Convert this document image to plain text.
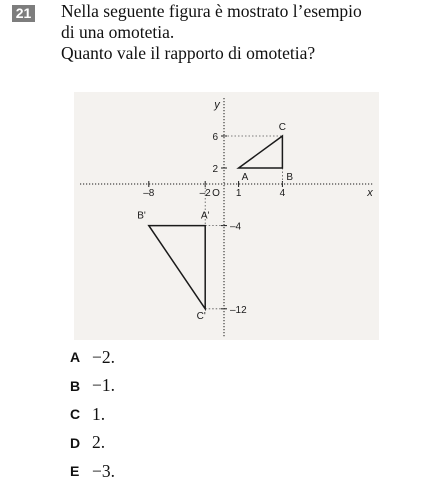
21 Nella seguente figura è mostrato l’esempio
di una omotetia.
Quanto vale il rapporto di omotetia?

x
y
O
–8	–2	1	4
6
2
–4
–12
A	B
C
A'
B'
C'
A −2.
B −1.
C 1.
D 2.
E −3.
